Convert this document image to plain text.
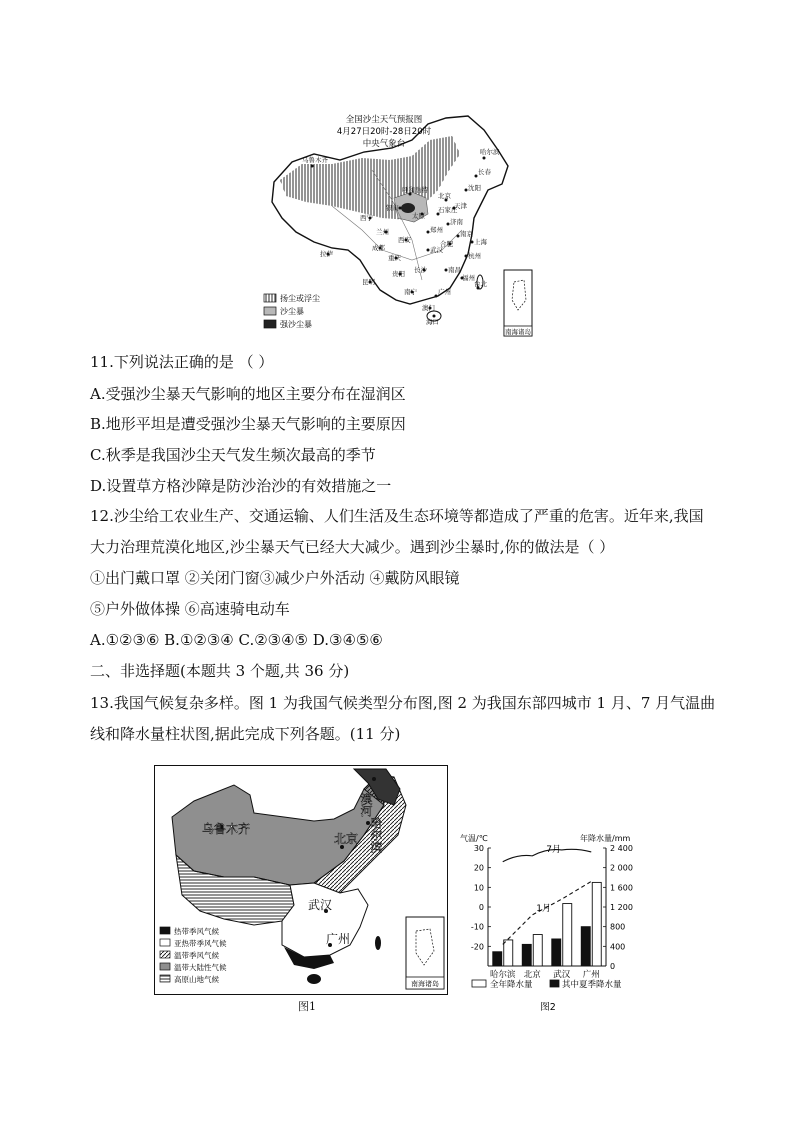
全国沙尘天气预报图
4月27日20时-28日20时
中央气象台
乌鲁木齐
哈尔滨
长春
沈阳
呼和浩特
北京
天津
银川	石家庄
西宁	太原
济南
兰州	郑州
西安
南京
合肥	上海
成都	武汉
杭州
重庆
长沙	南昌
拉萨
贵阳	福州
昆明
南宁
台北
广州
澳门
海口
扬尘或浮尘
沙尘暴
强沙尘暴
南海诸岛
11.下列说法正确的是 （ ）
A.受强沙尘暴天气影响的地区主要分布在湿润区
B.地形平坦是遭受强沙尘暴天气影响的主要原因
C.秋季是我国沙尘天气发生频次最高的季节
D.设置草方格沙障是防沙治沙的有效措施之一
12.沙尘给工农业生产、交通运输、人们生活及生态环境等都造成了严重的危害。近年来,我国
大力治理荒漠化地区,沙尘暴天气已经大大减少。遇到沙尘暴时,你的做法是（ ）
①出门戴口罩 ②关闭门窗③减少户外活动 ④戴防风眼镜
⑤户外做体操 ⑥高速骑电动车
A.①②③⑥ B.①②③④ C.②③④⑤ D.③④⑤⑥
二、非选择题(本题共 3 个题,共 36 分)
13.我国气候复杂多样。图 1 为我国气候类型分布图,图 2 为我国东部四城市 1 月、7 月气温曲
线和降水量柱状图,据此完成下列各题。(11 分)
漠河
哈尔滨
乌鲁木齐
北京
武汉
广州
热带季风气候
亚热带季风气候
温带季风气候
温带大陆性气候
高原山地气候	南海诸岛
图1
气温/℃	年降水量/mm
30
20
10
0
-10
-20
2 400
2 000
1 600
1 200
800
400
0
7月
1月
哈尔滨 北京 武汉 广州
全年降水量	其中夏季降水量
图2
